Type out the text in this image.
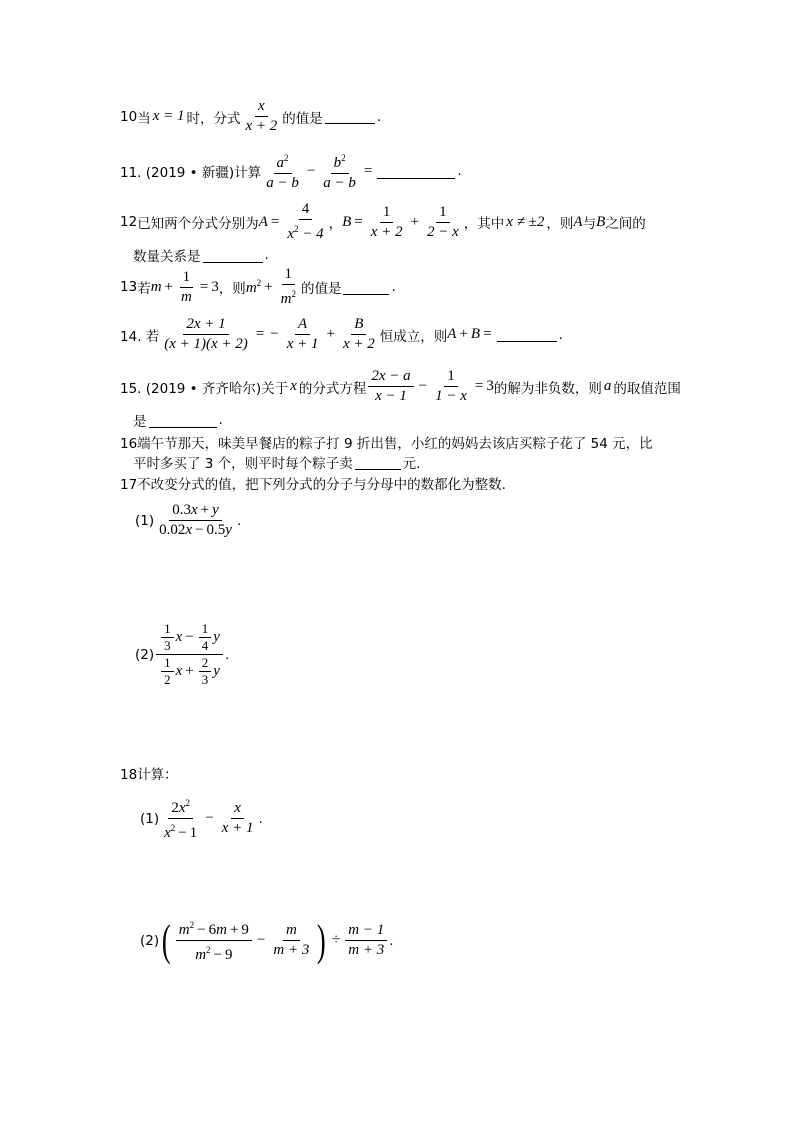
10 当 x = 1 时，分式 $\frac{x}{x + 2}$ 的值是	.
11. (2019 • 新疆)计算 $\frac{a^2}{a - b} - \frac{b^2}{a - b}$ =	.
12 已知两个分式分别为 $A = \frac{4}{x^2 - 4}$ ， $B = \frac{1}{x + 2} + \frac{1}{2 - x}$ ，其中 x ≠ ±2 ，则 A 与 B 之间的
数量关系是	.
13 若 $m + \frac{1}{m} = 3$ ，则 $m^2 + \frac{1}{m^2}$ 的值是	.
14. 若 $\frac{2x + 1}{(x + 1)(x + 2)}$ = − $\frac{A}{x + 1} + \frac{B}{x + 2}$ 恒成立，则 A + B =	.
15. (2019 • 齐齐哈尔)关于 x 的分式方程 $\frac{2x - a}{x - 1} - \frac{1}{1 - x} = 3$ 的解为非负数，则 a 的取值范围
是	.
16端午节那天，味美早餐店的粽子打 9 折出售，小红的妈妈去该店买粽子花了 54 元，比
平时多买了 3 个，则平时每个粽子卖	元.
17不改变分式的值，把下列分式的分子与分母中的数都化为整数.
$(1) \frac{0.3x + y}{0.02x - 0.5y}$ .
$(2) \frac{\frac{1}{3} x - \frac{1}{4} y}{\frac{1}{2} x + \frac{2}{3} y}$ .
18计算：
$(1) \frac{2x^2}{x^2 - 1} - \frac{x}{x + 1}$ .
(2) ( $\frac{m^2 - 6m + 9}{m^2 - 9} - \frac{m}{m + 3}$ ) ÷ $\frac{m - 1}{m + 3}$ .
